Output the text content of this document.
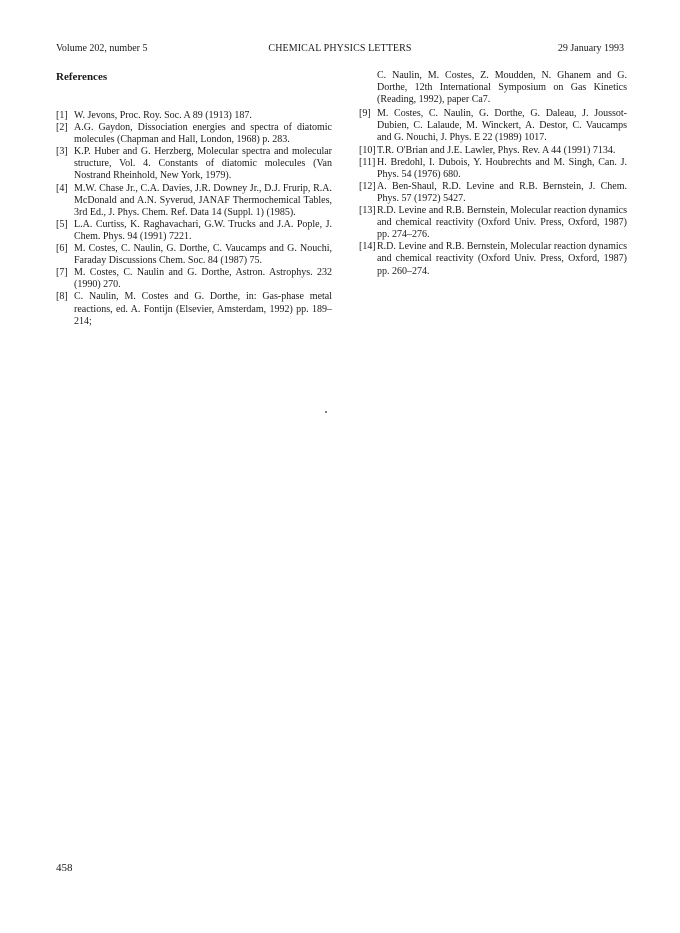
Volume 202, number 5	CHEMICAL PHYSICS LETTERS	29 January 1993
References

[1] W. Jevons, Proc. Roy. Soc. A 89 (1913) 187.

[2] A.G. Gaydon, Dissociation energies and spectra of diatomic molecules (Chapman and Hall, London, 1968) p. 283.

[3] K.P. Huber and G. Herzberg, Molecular spectra and molecular structure, Vol. 4. Constants of diatomic molecules (Van Nostrand Rheinhold, New York, 1979).

[4] M.W. Chase Jr., C.A. Davies, J.R. Downey Jr., D.J. Frurip, R.A. McDonald and A.N. Syverud, JANAF Thermochemical Tables, 3rd Ed., J. Phys. Chem. Ref. Data 14 (Suppl. 1) (1985).

[5] L.A. Curtiss, K. Raghavachari, G.W. Trucks and J.A. Pople, J. Chem. Phys. 94 (1991) 7221.

[6] M. Costes, C. Naulin, G. Dorthe, C. Vaucamps and G. Nouchi, Faraday Discussions Chem. Soc. 84 (1987) 75.

[7] M. Costes, C. Naulin and G. Dorthe, Astron. Astrophys. 232 (1990) 270.

[8] C. Naulin, M. Costes and G. Dorthe, in: Gas-phase metal reactions, ed. A. Fontijn (Elsevier, Amsterdam, 1992) pp. 189–214;

C. Naulin, M. Costes, Z. Moudden, N. Ghanem and G. Dorthe, 12th International Symposium on Gas Kinetics (Reading, 1992), paper Ca7.

[9] M. Costes, C. Naulin, G. Dorthe, G. Daleau, J. Joussot-Dubien, C. Lalaude, M. Winckert, A. Destor, C. Vaucamps and G. Nouchi, J. Phys. E 22 (1989) 1017.

[10] T.R. O'Brian and J.E. Lawler, Phys. Rev. A 44 (1991) 7134.

[11] H. Bredohl, I. Dubois, Y. Houbrechts and M. Singh, Can. J. Phys. 54 (1976) 680.

[12] A. Ben-Shaul, R.D. Levine and R.B. Bernstein, J. Chem. Phys. 57 (1972) 5427.

[13] R.D. Levine and R.B. Bernstein, Molecular reaction dynamics and chemical reactivity (Oxford Univ. Press, Oxford, 1987) pp. 274–276.

[14] R.D. Levine and R.B. Bernstein, Molecular reaction dynamics and chemical reactivity (Oxford Univ. Press, Oxford, 1987) pp. 260–274.

458
